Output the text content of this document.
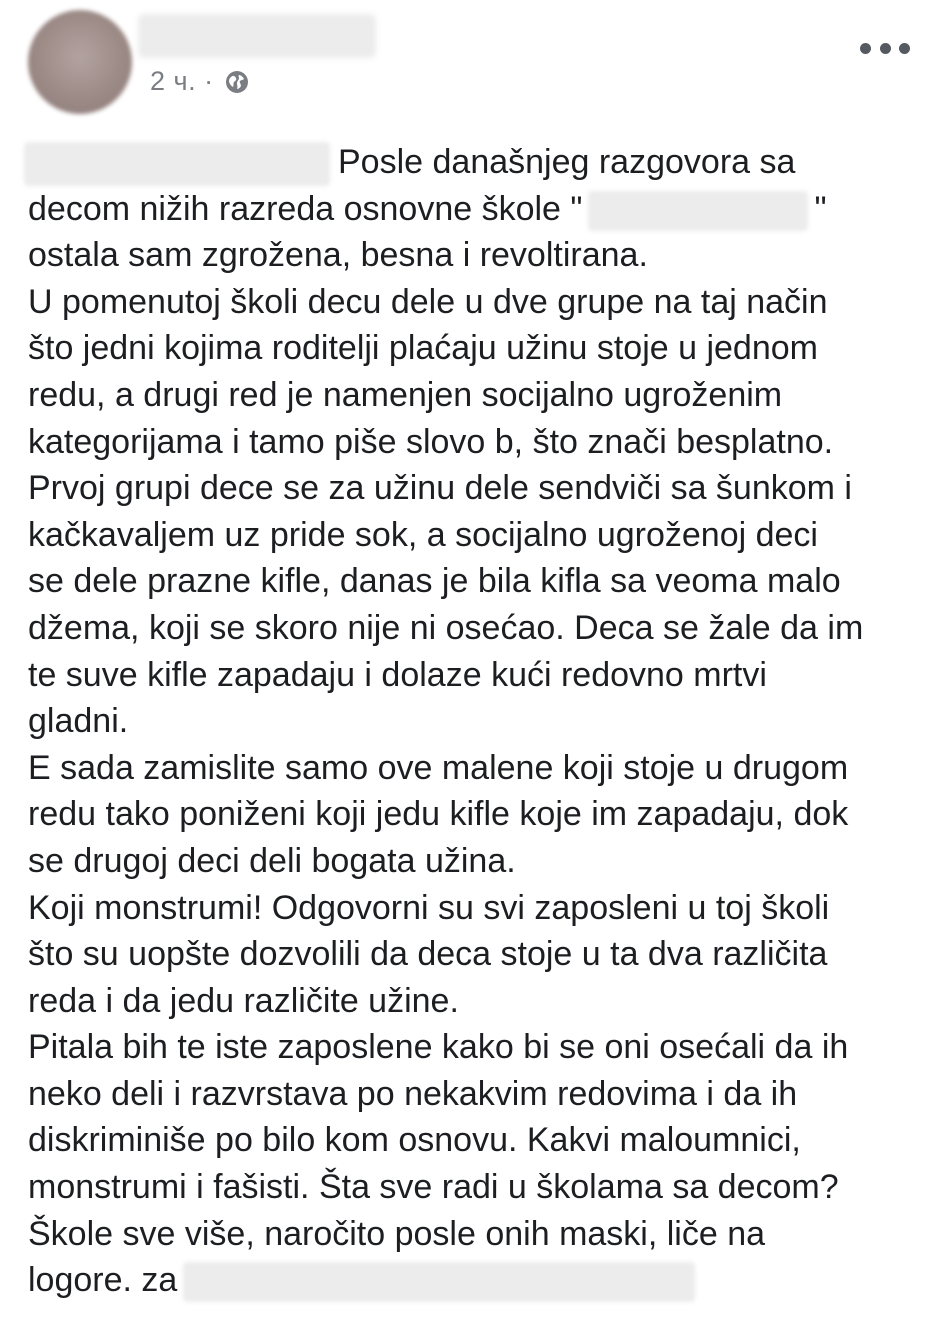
2 ч. ·
Posle današnjeg razgovora sa
decom nižih razreda osnovne škole "	"
ostala sam zgrožena, besna i revoltirana.
U pomenutoj školi decu dele u dve grupe na taj način
što jedni kojima roditelji plaćaju užinu stoje u jednom
redu, a drugi red je namenjen socijalno ugroženim
kategorijama i tamo piše slovo b, što znači besplatno.
Prvoj grupi dece se za užinu dele sendviči sa šunkom i
kačkavaljem uz pride sok, a socijalno ugroženoj deci
se dele prazne kifle, danas je bila kifla sa veoma malo
džema, koji se skoro nije ni osećao. Deca se žale da im
te suve kifle zapadaju i dolaze kući redovno mrtvi
gladni.
E sada zamislite samo ove malene koji stoje u drugom
redu tako poniženi koji jedu kifle koje im zapadaju, dok
se drugoj deci deli bogata užina.
Koji monstrumi! Odgovorni su svi zaposleni u toj školi
što su uopšte dozvolili da deca stoje u ta dva različita
reda i da jedu različite užine.
Pitala bih te iste zaposlene kako bi se oni osećali da ih
neko deli i razvrstava po nekakvim redovima i da ih
diskriminiše po bilo kom osnovu. Kakvi maloumnici,
monstrumi i fašisti. Šta sve radi u školama sa decom?
Škole sve više, naročito posle onih maski, liče na
logore. za
